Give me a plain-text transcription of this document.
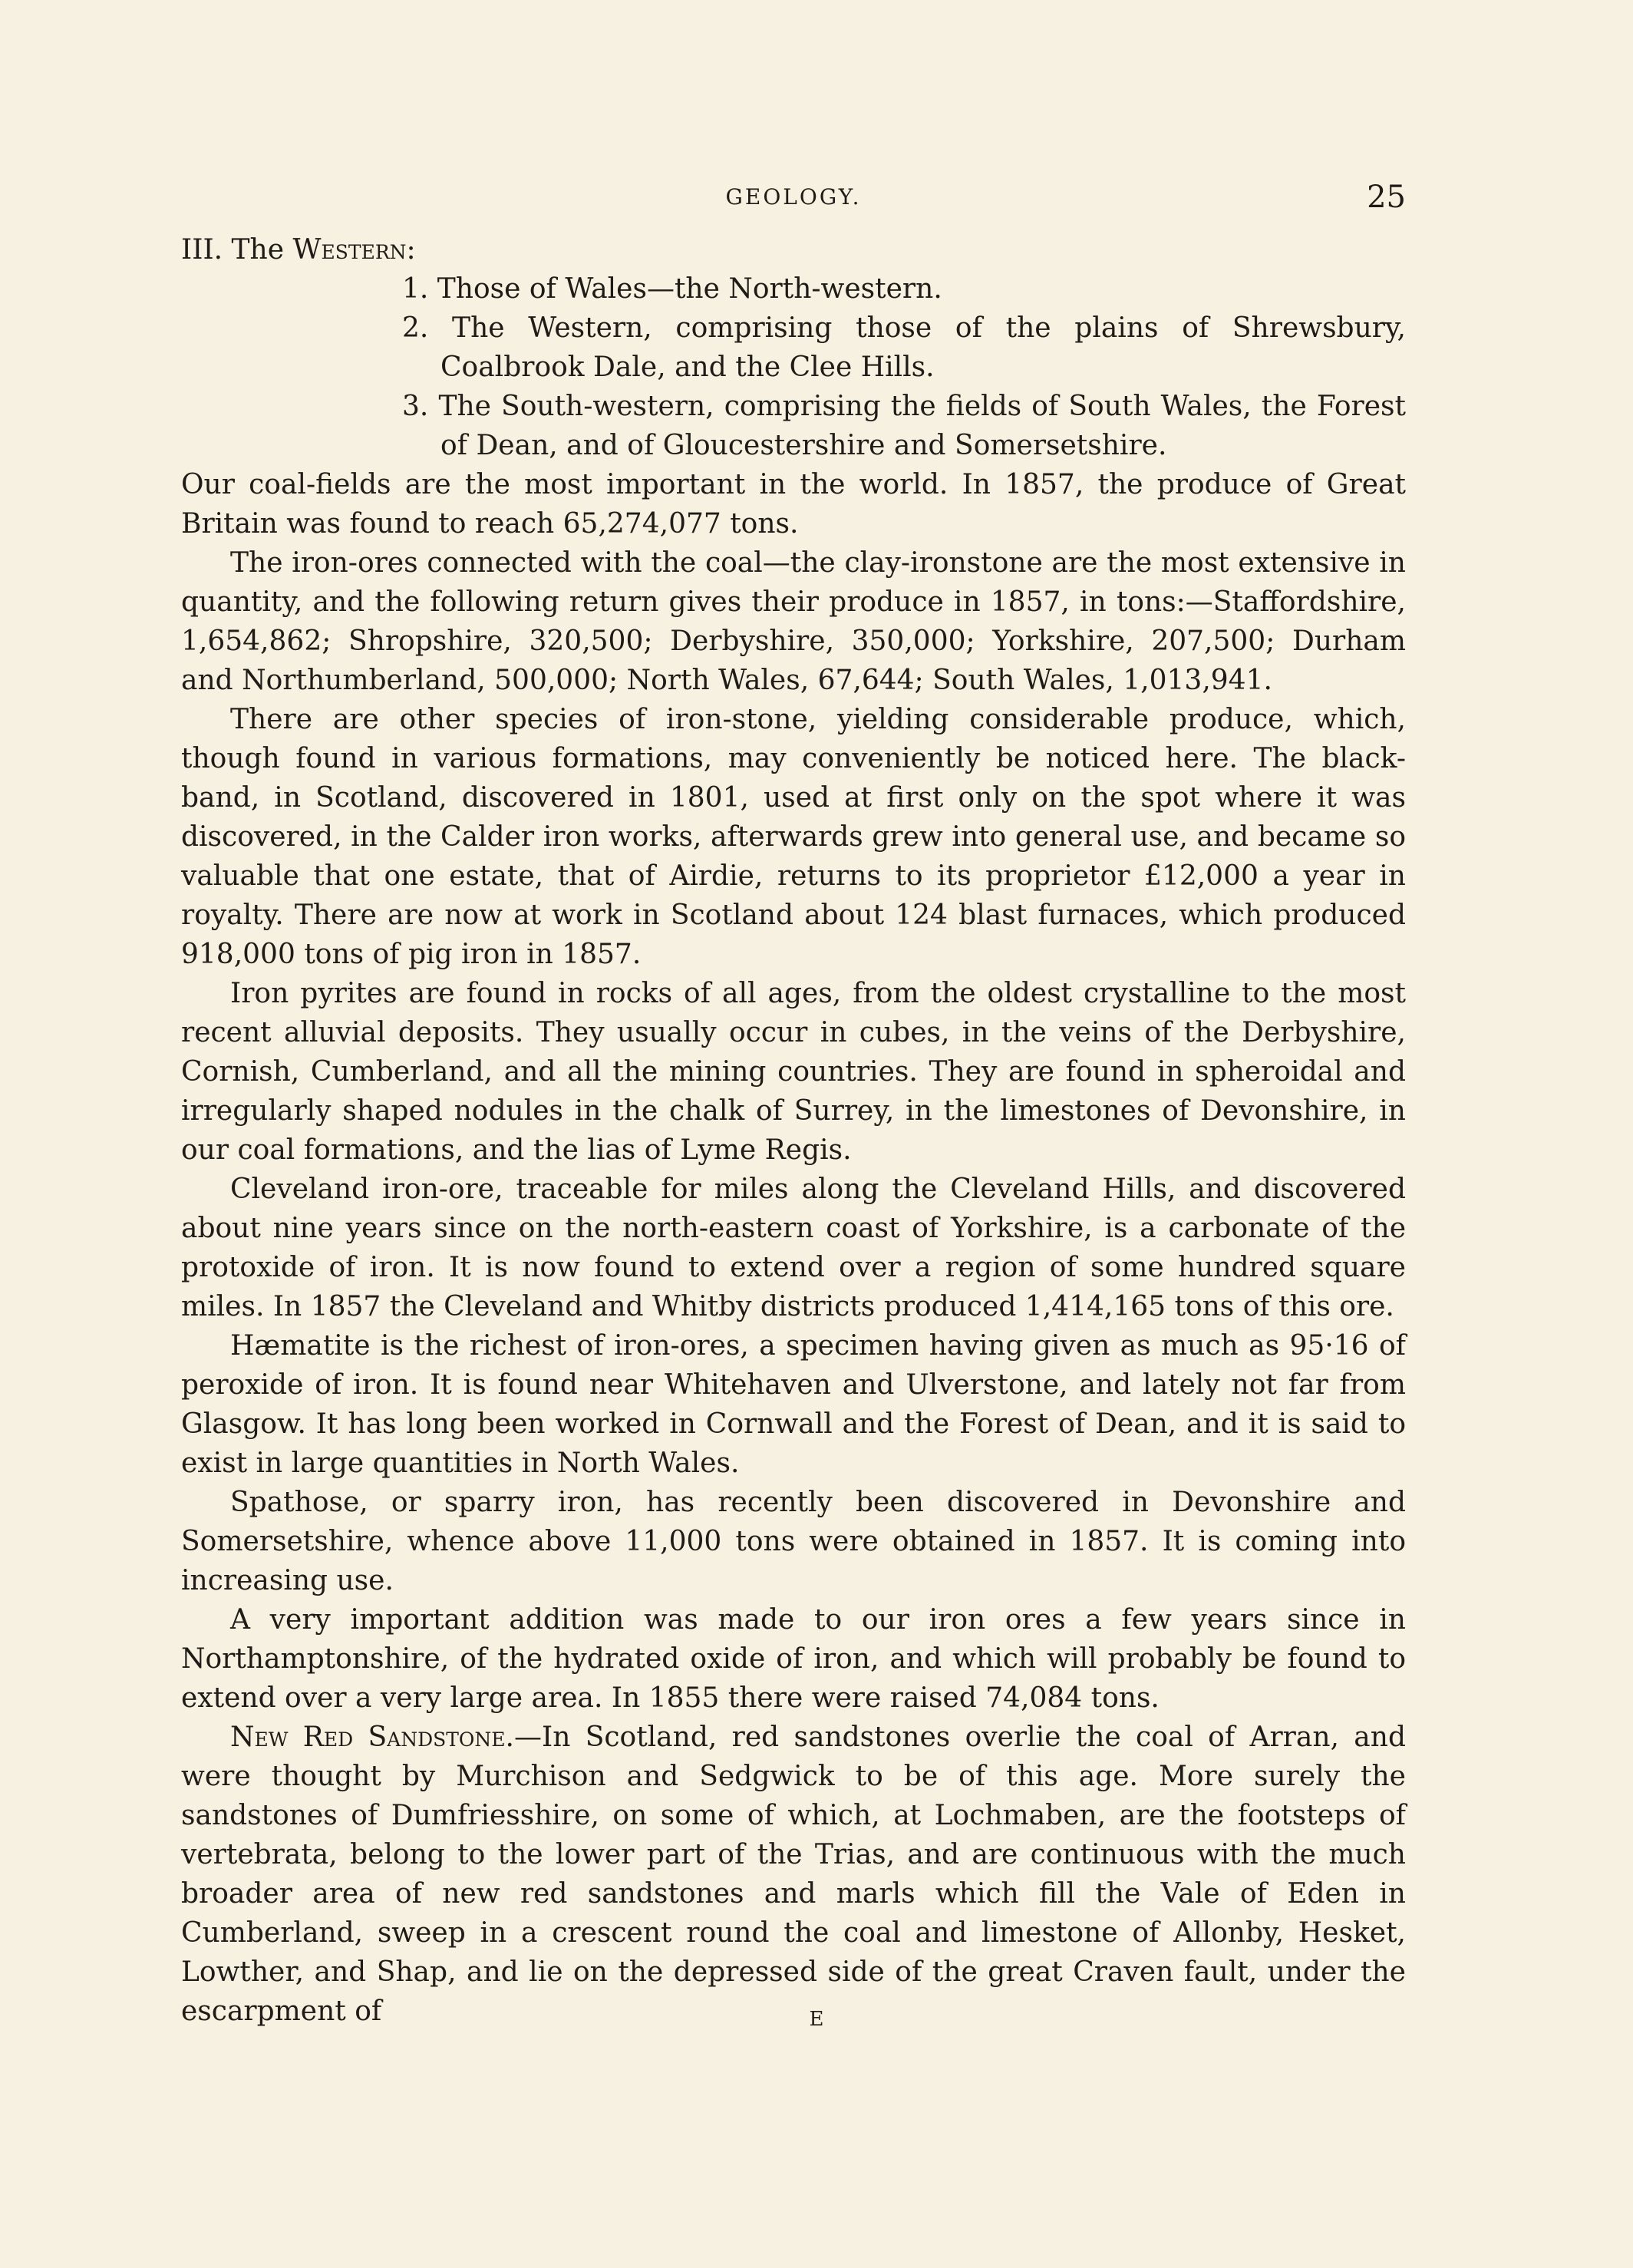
GEOLOGY.	25

III. The Western:

1. Those of Wales—the North-western.
2. The Western, comprising those of the plains of Shrewsbury, Coalbrook Dale, and the Clee Hills.
3. The South-western, comprising the fields of South Wales, the Forest of Dean, and of Gloucestershire and Somersetshire.

Our coal-fields are the most important in the world. In 1857, the produce of Great Britain was found to reach 65,274,077 tons.

The iron-ores connected with the coal—the clay-ironstone are the most extensive in quantity, and the following return gives their produce in 1857, in tons:—Staffordshire, 1,654,862; Shropshire, 320,500; Derbyshire, 350,000; Yorkshire, 207,500; Durham and Northumberland, 500,000; North Wales, 67,644; South Wales, 1,013,941.

There are other species of iron-stone, yielding considerable produce, which, though found in various formations, may conveniently be noticed here. The black-band, in Scotland, discovered in 1801, used at first only on the spot where it was discovered, in the Calder iron works, afterwards grew into general use, and became so valuable that one estate, that of Airdie, returns to its proprietor £12,000 a year in royalty. There are now at work in Scotland about 124 blast furnaces, which produced 918,000 tons of pig iron in 1857.

Iron pyrites are found in rocks of all ages, from the oldest crystalline to the most recent alluvial deposits. They usually occur in cubes, in the veins of the Derbyshire, Cornish, Cumberland, and all the mining countries. They are found in spheroidal and irregularly shaped nodules in the chalk of Surrey, in the limestones of Devonshire, in our coal formations, and the lias of Lyme Regis.

Cleveland iron-ore, traceable for miles along the Cleveland Hills, and discovered about nine years since on the north-eastern coast of Yorkshire, is a carbonate of the protoxide of iron. It is now found to extend over a region of some hundred square miles. In 1857 the Cleveland and Whitby districts produced 1,414,165 tons of this ore.

Hæmatite is the richest of iron-ores, a specimen having given as much as 95·16 of peroxide of iron. It is found near Whitehaven and Ulverstone, and lately not far from Glasgow. It has long been worked in Cornwall and the Forest of Dean, and it is said to exist in large quantities in North Wales.

Spathose, or sparry iron, has recently been discovered in Devonshire and Somersetshire, whence above 11,000 tons were obtained in 1857. It is coming into increasing use.

A very important addition was made to our iron ores a few years since in Northamptonshire, of the hydrated oxide of iron, and which will probably be found to extend over a very large area. In 1855 there were raised 74,084 tons.

New Red Sandstone.—In Scotland, red sandstones overlie the coal of Arran, and were thought by Murchison and Sedgwick to be of this age. More surely the sandstones of Dumfriesshire, on some of which, at Lochmaben, are the footsteps of vertebrata, belong to the lower part of the Trias, and are continuous with the much broader area of new red sandstones and marls which fill the Vale of Eden in Cumberland, sweep in a crescent round the coal and limestone of Allonby, Hesket, Lowther, and Shap, and lie on the depressed side of the great Craven fault, under the escarpment of	E
